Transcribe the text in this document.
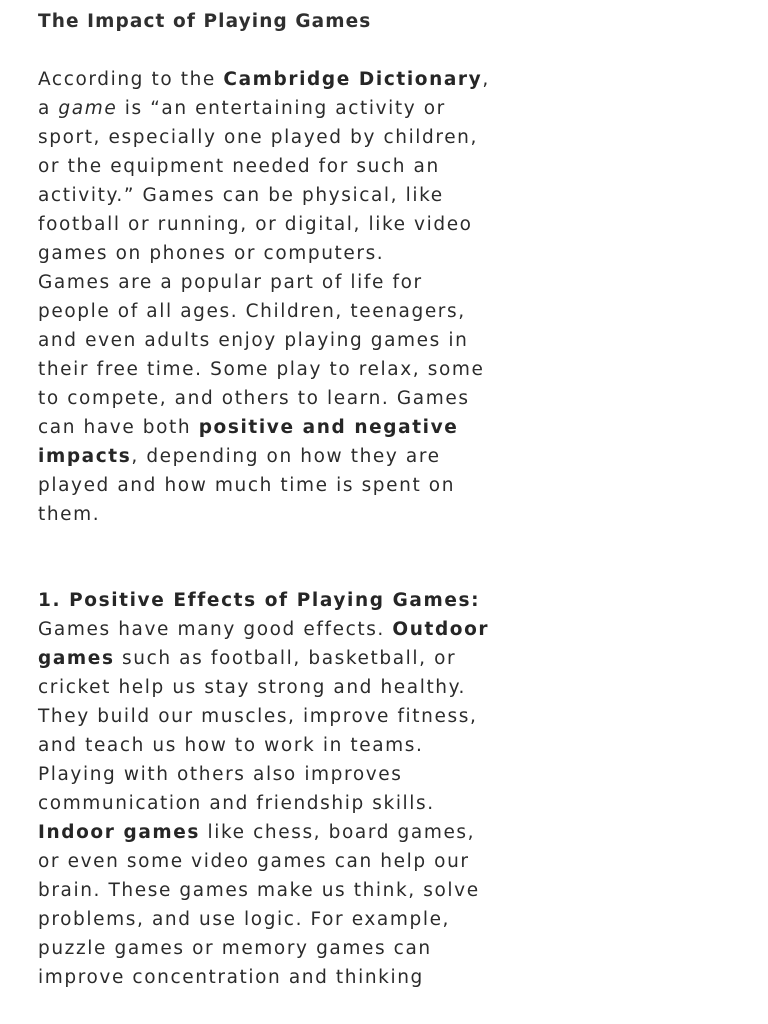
The Impact of Playing Games

According to the Cambridge Dictionary,
a game is “an entertaining activity or
sport, especially one played by children,
or the equipment needed for such an
activity.” Games can be physical, like
football or running, or digital, like video
games on phones or computers.

Games are a popular part of life for
people of all ages. Children, teenagers,
and even adults enjoy playing games in
their free time. Some play to relax, some
to compete, and others to learn. Games
can have both positive and negative
impacts, depending on how they are
played and how much time is spent on
them.

1. Positive Effects of Playing Games:
Games have many good effects. Outdoor
games such as football, basketball, or
cricket help us stay strong and healthy.
They build our muscles, improve fitness,
and teach us how to work in teams.
Playing with others also improves
communication and friendship skills.
Indoor games like chess, board games,
or even some video games can help our
brain. These games make us think, solve
problems, and use logic. For example,
puzzle games or memory games can
improve concentration and thinking
